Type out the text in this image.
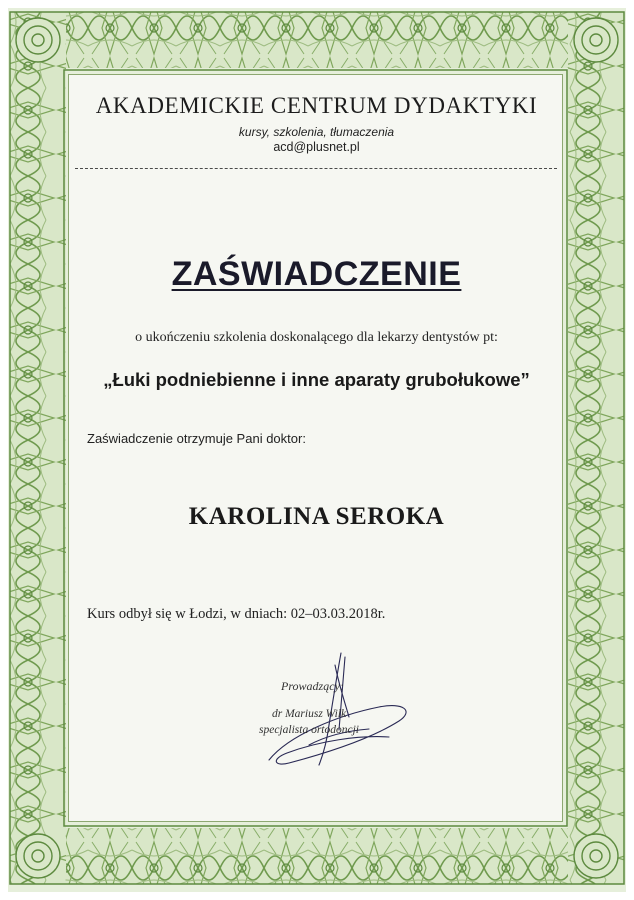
AKADEMICKIE CENTRUM DYDAKTYKI
kursy, szkolenia, tłumaczenia
acd@plusnet.pl
ZAŚWIADCZENIE
o ukończeniu szkolenia doskonalącego dla lekarzy dentystów pt:
„Łuki podniebienne i inne aparaty grubołukowe”
Zaświadczenie otrzymuje Pani doktor:
KAROLINA SEROKA
Kurs odbył się w Łodzi, w dniach: 02–03.03.2018r.
Prowadzący:
dr Mariusz Wilk
specjalista ortodoncji
